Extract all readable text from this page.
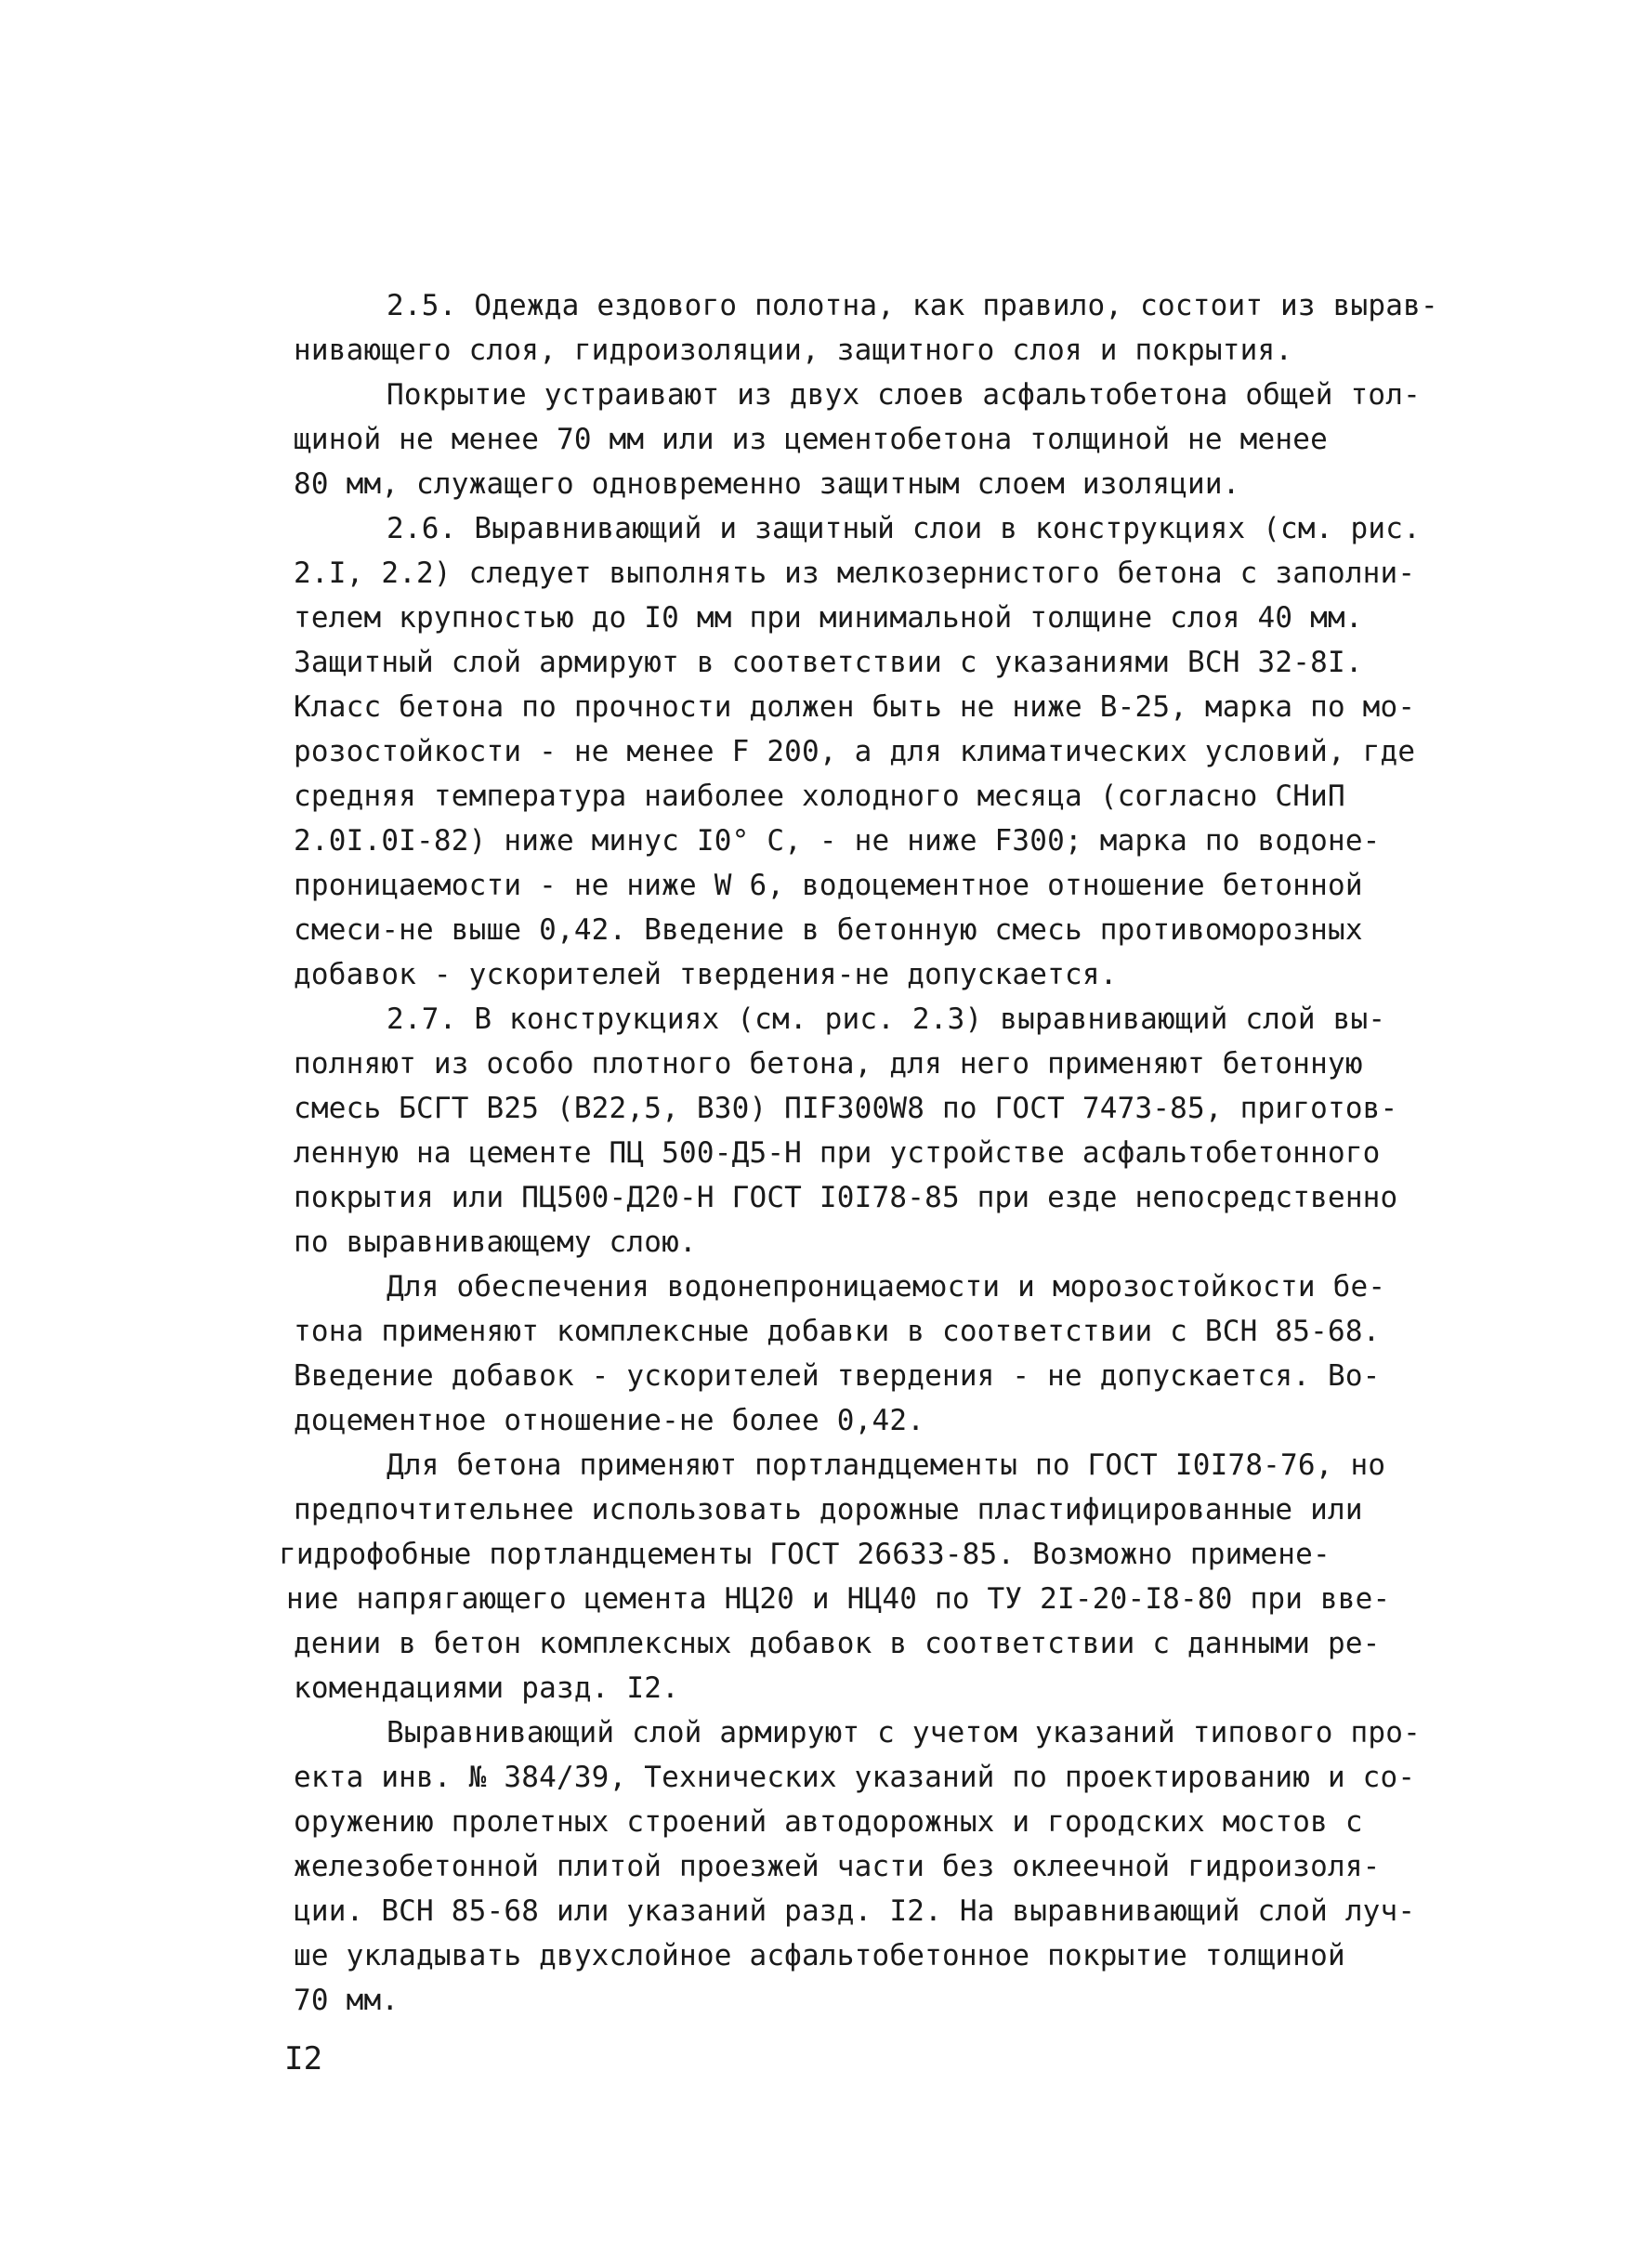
2.5. Одежда ездового полотна, как правило, состоит из вырав-
нивающего слоя, гидроизоляции, защитного слоя и покрытия.
Покрытие устраивают из двух слоев асфальтобетона общей тол-
щиной не менее 70 мм или из цементобетона толщиной не менее
80 мм, служащего одновременно защитным слоем изоляции.
2.6. Выравнивающий и защитный слои в конструкциях (см. рис.
2.I, 2.2) следует выполнять из мелкозернистого бетона с заполни-
телем крупностью до I0 мм при минимальной толщине слоя 40 мм.
Защитный слой армируют в соответствии с указаниями ВСН 32-8I.
Класс бетона по прочности должен быть не ниже В-25, марка по мо-
розостойкости - не менее F 200, а для климатических условий, где
средняя температура наиболее холодного месяца (согласно СНиП
2.0I.0I-82) ниже минус I0° С, - не ниже F300; марка по водоне-
проницаемости - не ниже W 6, водоцементное отношение бетонной
смеси-не выше 0,42. Введение в бетонную смесь противоморозных
добавок - ускорителей твердения-не допускается.
2.7. В конструкциях (см. рис. 2.3) выравнивающий слой вы-
полняют из особо плотного бетона, для него применяют бетонную
смесь БСГТ В25 (В22,5, В30) ПIF300W8 по ГОСТ 7473-85, приготов-
ленную на цементе ПЦ 500-Д5-Н при устройстве асфальтобетонного
покрытия или ПЦ500-Д20-Н ГОСТ I0I78-85 при езде непосредственно
по выравнивающему слою.
Для обеспечения водонепроницаемости и морозостойкости бе-
тона применяют комплексные добавки в соответствии с ВСН 85-68.
Введение добавок - ускорителей твердения - не допускается. Во-
доцементное отношение-не более 0,42.
Для бетона применяют портландцементы по ГОСТ I0I78-76, но
предпочтительнее использовать дорожные пластифицированные или
гидрофобные портландцементы ГОСТ 26633-85. Возможно примене-
ние напрягающего цемента НЦ20 и НЦ40 по ТУ 2I-20-I8-80 при вве-
дении в бетон комплексных добавок в соответствии с данными ре-
комендациями разд. I2.
Выравнивающий слой армируют с учетом указаний типового про-
екта инв. № 384/39, Технических указаний по проектированию и со-
оружению пролетных строений автодорожных и городских мостов с
железобетонной плитой проезжей части без оклеечной гидроизоля-
ции. ВСН 85-68 или указаний разд. I2. На выравнивающий слой луч-
ше укладывать двухслойное асфальтобетонное покрытие толщиной
70 мм.
I2
